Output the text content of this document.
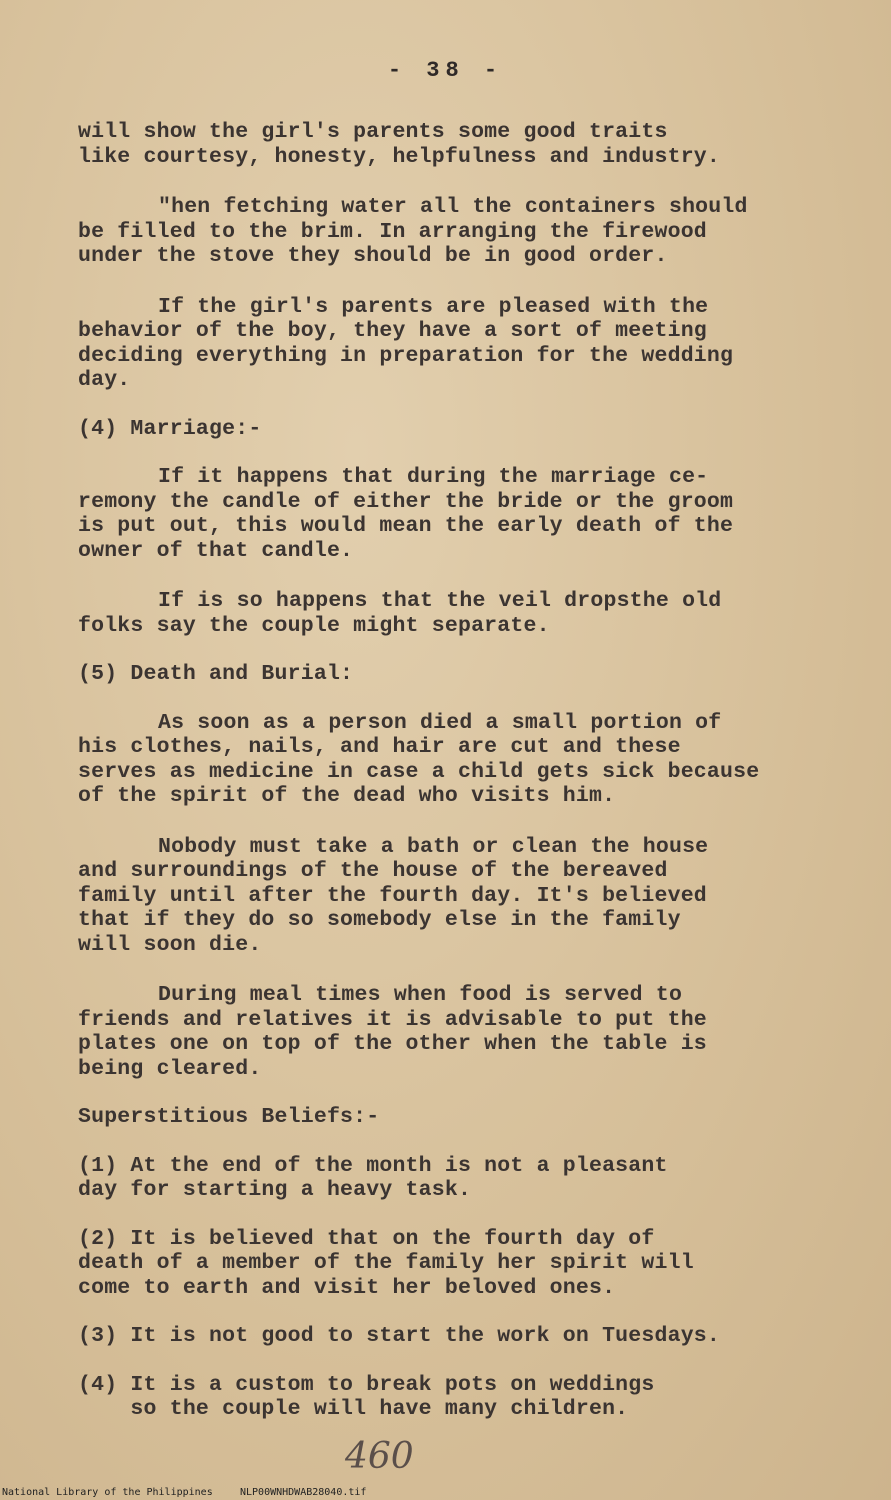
- 38 -

will show the girl's parents some good traits

like courtesy, honesty, helpfulness and industry.

"hen fetching water all the containers should

be filled to the brim. In arranging the firewood

under the stove they should be in good order.

If the girl's parents are pleased with the

behavior of the boy, they have a sort of meeting

deciding everything in preparation for the wedding

day.

(4) Marriage:-

If it happens that during the marriage ce-

remony the candle of either the bride or the groom

is put out, this would mean the early death of the

owner of that candle.

If is so happens that the veil dropsthe old

folks say the couple might separate.

(5) Death and Burial:

As soon as a person died a small portion of

his clothes, nails, and hair are cut and these

serves as medicine in case a child gets sick because

of the spirit of the dead who visits him.

Nobody must take a bath or clean the house

and surroundings of the house of the bereaved

family until after the fourth day. It's believed

that if they do so somebody else in the family

will soon die.

During meal times when food is served to

friends and relatives it is advisable to put the

plates one on top of the other when the table is

being cleared.

Superstitious Beliefs:-

(1) At the end of the month is not a pleasant

day for starting a heavy task.

(2) It is believed that on the fourth day of

death of a member of the family her spirit will

come to earth and visit her beloved ones.

(3) It is not good to start the work on Tuesdays.

(4) It is a custom to break pots on weddings

so the couple will have many children.

460
National Library of the Philippines	NLP00WNHDWAB28040.tif
